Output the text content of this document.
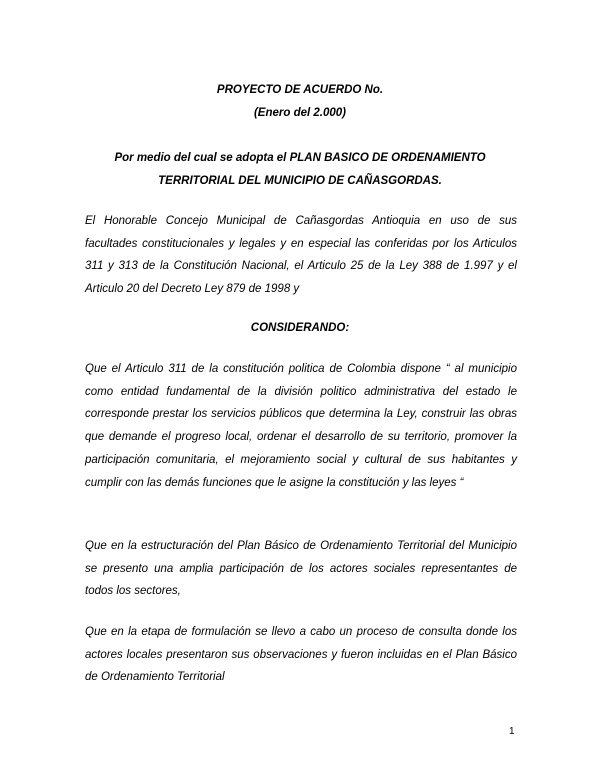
PROYECTO DE ACUERDO No.

(Enero del 2.000)

Por medio del cual se adopta el PLAN BASICO DE ORDENAMIENTO

TERRITORIAL DEL MUNICIPIO DE CAÑASGORDAS.

El Honorable Concejo Municipal de Cañasgordas Antioquia en uso de sus facultades constitucionales y legales y en especial las conferidas por los Articulos 311 y 313 de la Constitución Nacional, el Articulo 25 de la Ley 388 de 1.997 y el Articulo 20 del Decreto Ley 879 de 1998 y

CONSIDERANDO:

Que el Articulo 311 de la constitución politica de Colombia dispone “ al municipio como entidad fundamental de la división politico administrativa del estado le corresponde prestar los servicios públicos que determina la Ley, construir las obras que demande el progreso local, ordenar el desarrollo de su territorio, promover la participación comunitaria, el mejoramiento social y cultural de sus habitantes y cumplir con las demás funciones que le asigne la constitución y las leyes “

Que en la estructuración del Plan Básico de Ordenamiento Territorial del Municipio se presento una amplia participación de los actores sociales representantes de todos los sectores,

Que en la etapa de formulación se llevo a cabo un proceso de consulta donde los actores locales presentaron sus observaciones y fueron incluidas en el Plan Básico de Ordenamiento Territorial

1
